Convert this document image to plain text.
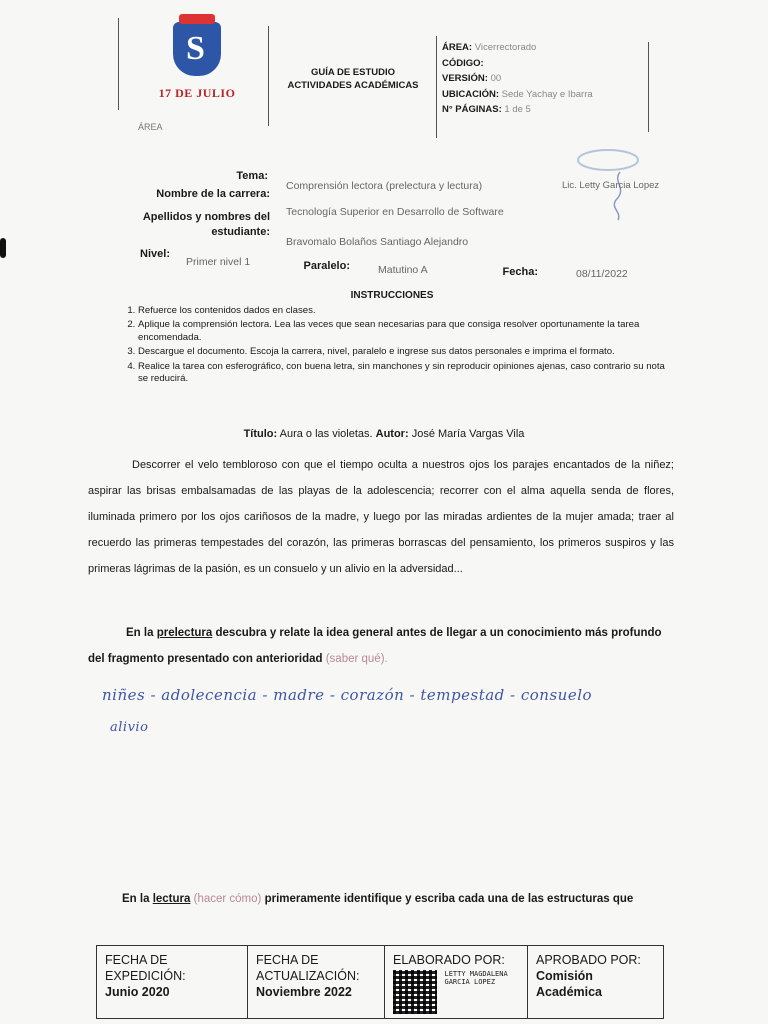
S
17 DE JULIO
ÁREA
GUÍA DE ESTUDIO
ACTIVIDADES ACADÉMICAS
ÁREA: Vicerrectorado
CÓDIGO:
VERSIÓN: 00
UBICACIÓN: Sede Yachay e Ibarra
N° PÁGINAS: 1 de 5
Lic. Letty Garcia Lopez
Tema:
Comprensión lectora (prelectura y lectura)
Nombre de la carrera:
Tecnología Superior en Desarrollo de Software
Apellidos y nombres del
estudiante:
Bravomalo Bolaños Santiago Alejandro
Nivel:
Primer nivel 1	Paralelo:	Matutino A	Fecha:	08/11/2022
INSTRUCCIONES
1. Refuerce los contenidos dados en clases.
2. Aplique la comprensión lectora. Lea las veces que sean necesarias para que consiga resolver oportunamente la tarea encomendada.
3. Descargue el documento. Escoja la carrera, nivel, paralelo e ingrese sus datos personales e imprima el formato.
4. Realice la tarea con esferográfico, con buena letra, sin manchones y sin reproducir opiniones ajenas, caso contrario su nota se reducirá.
Título: Aura o las violetas. Autor: José María Vargas Vila
Descorrer el velo tembloroso con que el tiempo oculta a nuestros ojos los parajes encantados de la niñez; aspirar las brisas embalsamadas de las playas de la adolescencia; recorrer con el alma aquella senda de flores, iluminada primero por los ojos cariñosos de la madre, y luego por las miradas ardientes de la mujer amada; traer al recuerdo las primeras tempestades del corazón, las primeras borrascas del pensamiento, los primeros suspiros y las primeras lágrimas de la pasión, es un consuelo y un alivio en la adversidad...
En la prelectura descubra y relate la idea general antes de llegar a un conocimiento más profundo del fragmento presentado con anterioridad (saber qué).
niñes - adolecencia - madre - corazón - tempestad - consuelo
alivio
En la lectura (hacer cómo) primeramente identifique y escriba cada una de las estructuras que
FECHA DE EXPEDICIÓN:
Junio 2020
FECHA DE ACTUALIZACIÓN:
Noviembre 2022
ELABORADO POR:
LETTY MAGDALENA GARCIA LOPEZ
APROBADO POR:
Comisión Académica
